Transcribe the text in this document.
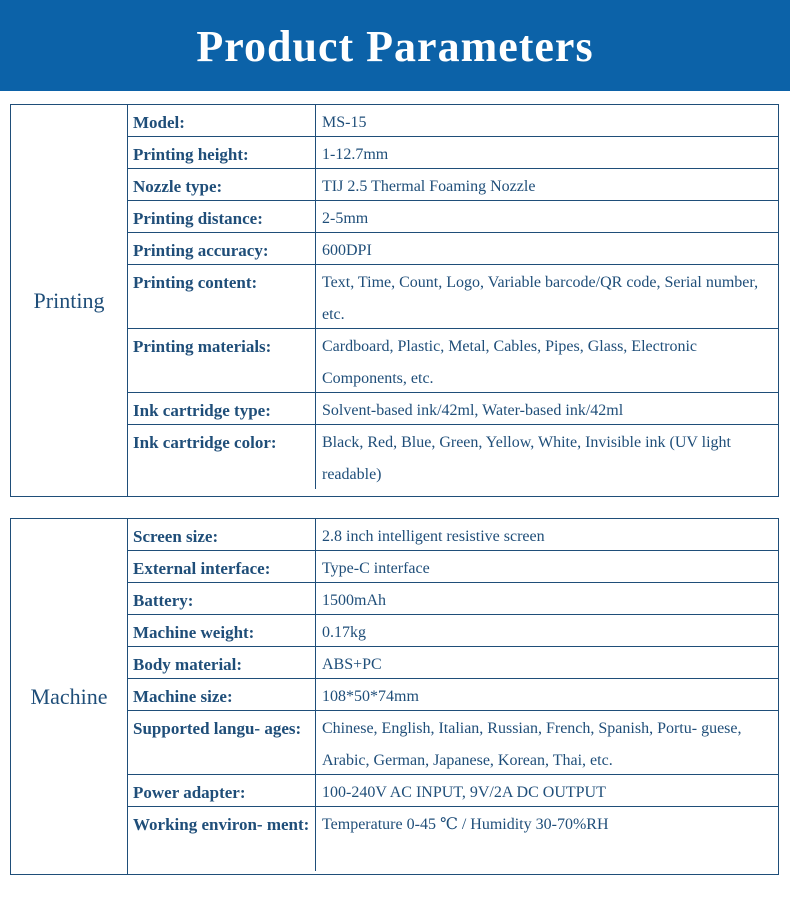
Product Parameters
Printing
Model:	MS-15
Printing height:	1-12.7mm
Nozzle type:	TIJ 2.5 Thermal Foaming Nozzle
Printing distance:	2-5mm
Printing accuracy:	600DPI
Printing content:	Text, Time, Count, Logo, Variable barcode/QR code, Serial number, etc.
Printing materials:	Cardboard, Plastic, Metal, Cables, Pipes, Glass, Electronic Components, etc.
Ink cartridge type:	Solvent-based ink/42ml, Water-based ink/42ml
Ink cartridge color:	Black, Red, Blue, Green, Yellow, White, Invisible ink (UV light readable)
Machine
Screen size:	2.8 inch intelligent resistive screen
External interface:	Type-C interface
Battery:	1500mAh
Machine weight:	0.17kg
Body material:	ABS+PC
Machine size:	108*50*74mm
Supported langu- ages:	Chinese, English, Italian, Russian, French, Spanish, Portu- guese, Arabic, German, Japanese, Korean, Thai, etc.
Power adapter:	100-240V AC INPUT, 9V/2A DC OUTPUT
Working environ- ment: Temperature 0-45 ℃ / Humidity 30-70%RH
